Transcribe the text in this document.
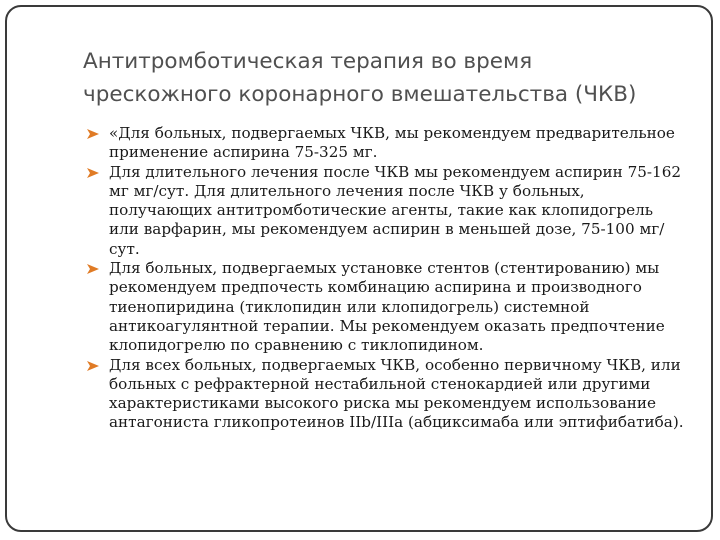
Антитромботическая терапия во время
чрескожного коронарного вмешательства (ЧКВ)
«Для больных, подвергаемых ЧКВ, мы рекомендуем предварительное применение аспирина 75-325 мг.
Для длительного лечения после ЧКВ мы рекомендуем аспирин 75-162 мг мг/сут. Для длительного лечения после ЧКВ у больных, получающих антитромботические агенты, такие как клопидогрель или варфарин, мы рекомендуем аспирин в меньшей дозе, 75-100 мг/сут.
Для больных, подвергаемых установке стентов (стентированию) мы рекомендуем предпочесть комбинацию аспирина и производного тиенопиридина (тиклопидин или клопидогрель) системной антикоагулянтной терапии. Мы рекомендуем оказать предпочтение клопидогрелю по сравнению с тиклопидином.
Для всех больных, подвергаемых ЧКВ, особенно первичному ЧКВ, или больных с рефрактерной нестабильной стенокардией или другими характеристиками высокого риска мы рекомендуем использование антагониста гликопротеинов IIb/IIIa (абциксимаба или эптифибатиба).
